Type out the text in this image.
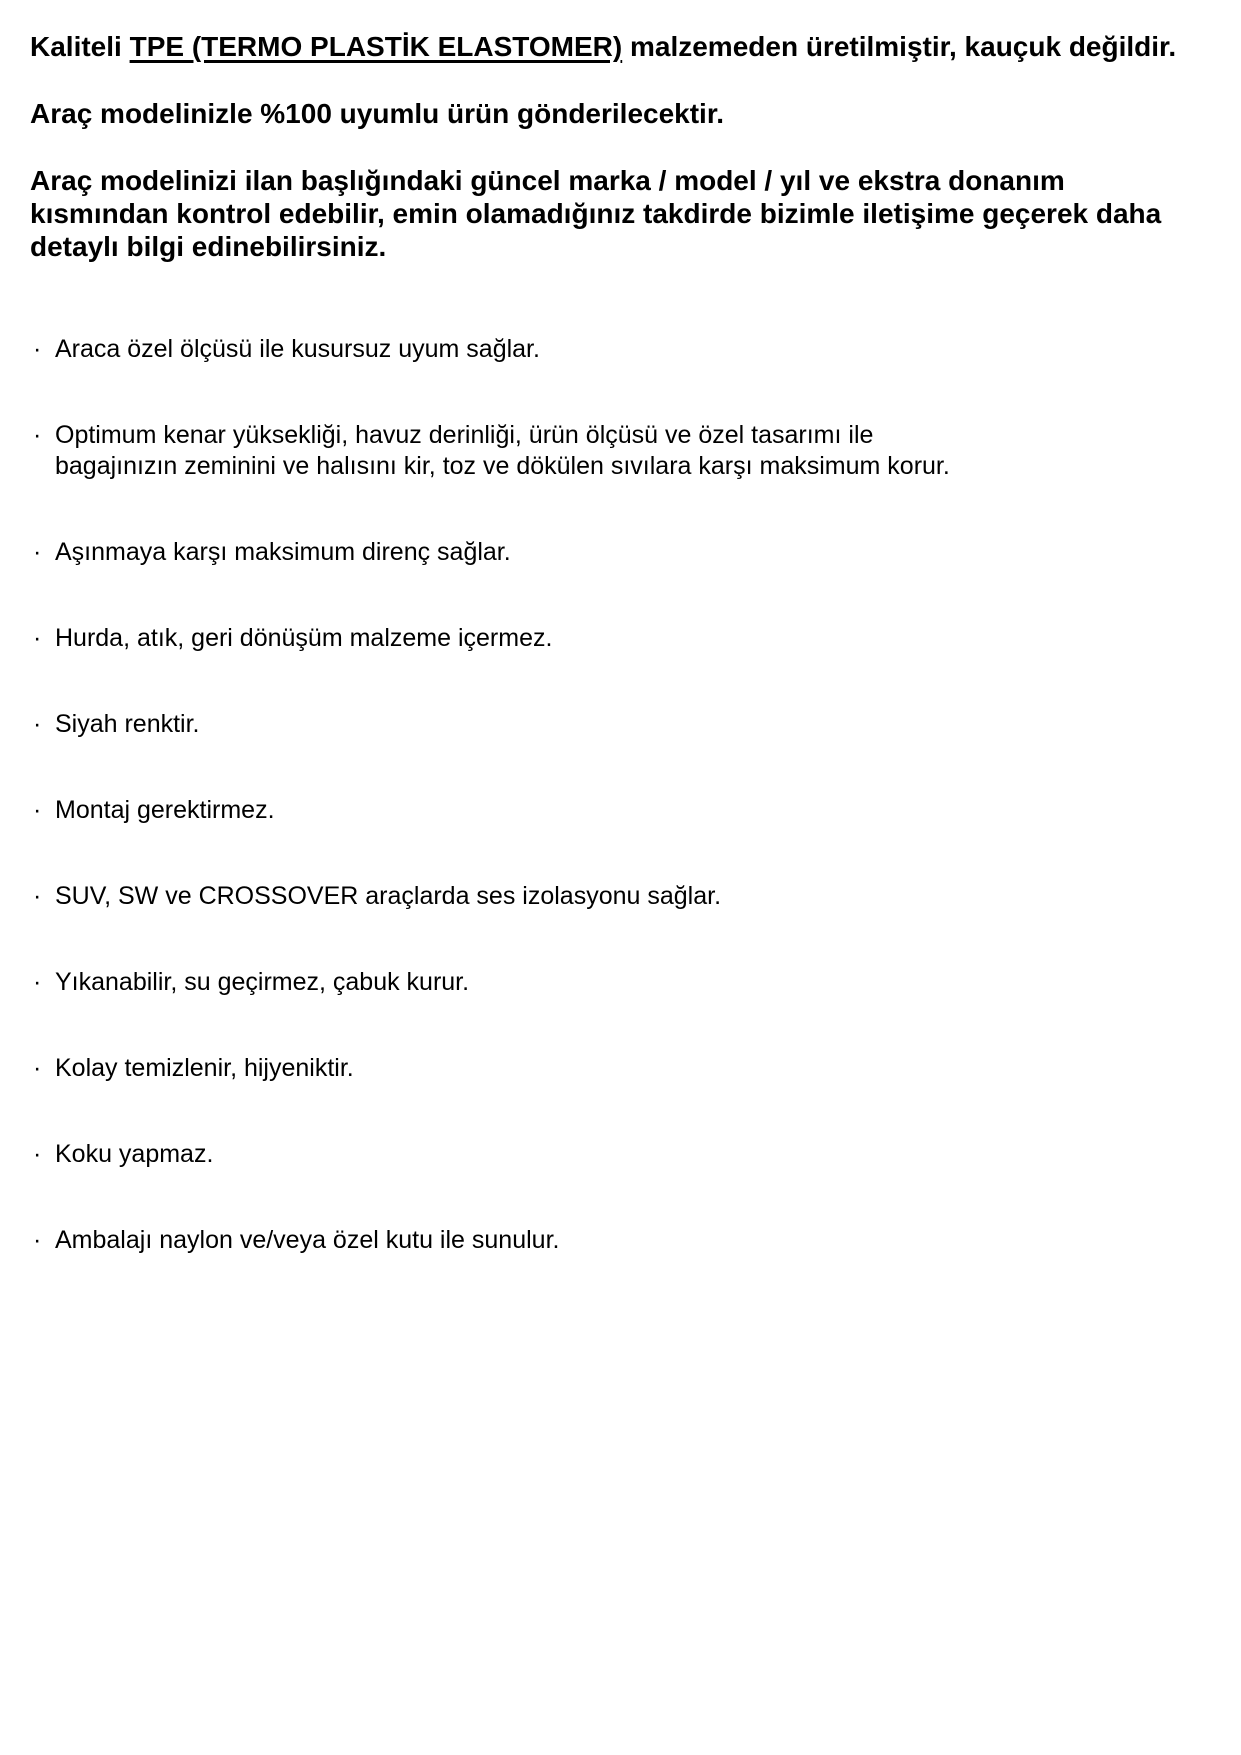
Kaliteli TPE (TERMO PLASTİK ELASTOMER) malzemeden üretilmiştir, kauçuk değildir.

Araç modelinizle %100 uyumlu ürün gönderilecektir.

Araç modelinizi ilan başlığındaki güncel marka / model / yıl ve ekstra donanım
kısmından kontrol edebilir, emin olamadığınız takdirde bizimle iletişime geçerek daha
detaylı bilgi edinebilirsiniz.
· Araca özel ölçüsü ile kusursuz uyum sağlar.
· Optimum kenar yüksekliği, havuz derinliği, ürün ölçüsü ve özel tasarımı ile
bagajınızın zeminini ve halısını kir, toz ve dökülen sıvılara karşı maksimum korur.
· Aşınmaya karşı maksimum direnç sağlar.
· Hurda, atık, geri dönüşüm malzeme içermez.
· Siyah renktir.
· Montaj gerektirmez.
· SUV, SW ve CROSSOVER araçlarda ses izolasyonu sağlar.
· Yıkanabilir, su geçirmez, çabuk kurur.
· Kolay temizlenir, hijyeniktir.
· Koku yapmaz.
· Ambalajı naylon ve/veya özel kutu ile sunulur.
